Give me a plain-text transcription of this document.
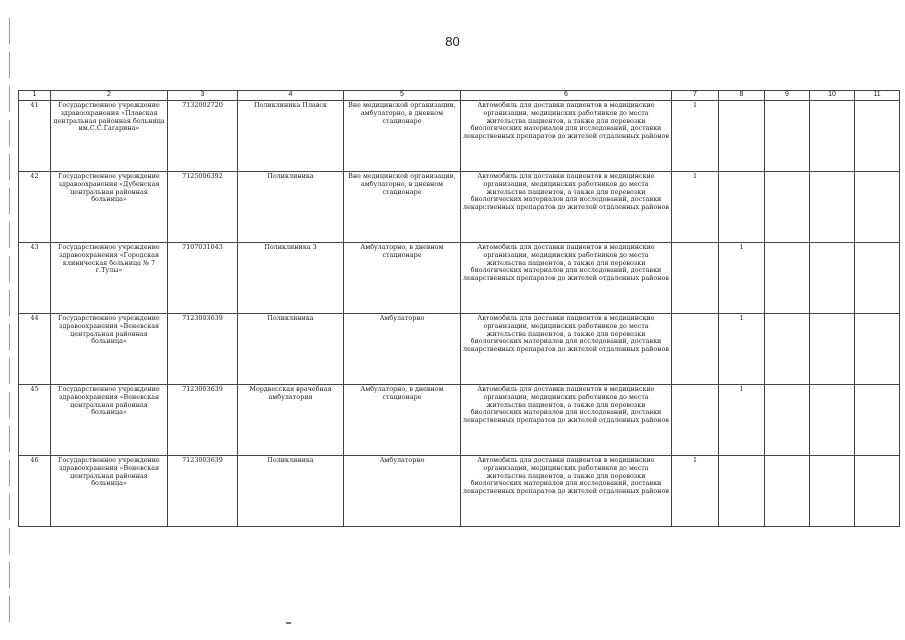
80
1	2	3	4	5	6	7	8	9	10	11
41	Государственное учреждение здравоохранения «Плавская центральная районная больница им.С.С.Гагарина»	7132002720	Поликлиника Плавск	Вне медицинской организации, амбулаторно, в дневном стационаре	Автомобиль для доставки пациентов в медицинские организации, медицинских работников до места жительства пациентов, а также для перевозки биологических материалов для исследований, доставки лекарственных препаратов до жителей отдаленных районов	1				
42	Государственное учреждение здравоохранения «Дубенская центральная районная больница»	7125006392	Поликлиника	Вне медицинской организации, амбулаторно, в дневном стационаре	Автомобиль для доставки пациентов в медицинские организации, медицинских работников до места жительства пациентов, а также для перевозки биологических материалов для исследований, доставки лекарственных препаратов до жителей отдаленных районов	1				
43	Государственное учреждение здравоохранения «Городская клиническая больница № 7 г.Тулы»	7107031043	Поликлиника 3	Амбулаторно, в дневном стационаре	Автомобиль для доставки пациентов в медицинские организации, медицинских работников до места жительства пациентов, а также для перевозки биологических материалов для исследований, доставки лекарственных препаратов до жителей отдаленных районов		1			
44	Государственное учреждение здравоохранения «Веневская центральная районная больница»	7123003639	Поликлиника	Амбулаторно	Автомобиль для доставки пациентов в медицинские организации, медицинских работников до места жительства пациентов, а также для перевозки биологических материалов для исследований, доставки лекарственных препаратов до жителей отдаленных районов		1			
45	Государственное учреждение здравоохранения «Веневская центральная районная больница»	7123003639	Мордвесская врачебная амбулатория	Амбулаторно, в дневном стационаре	Автомобиль для доставки пациентов в медицинские организации, медицинских работников до места жительства пациентов, а также для перевозки биологических материалов для исследований, доставки лекарственных препаратов до жителей отдаленных районов		1			
46	Государственное учреждение здравоохранения «Веневская центральная районная больница»	7123003639	Поликлиника	Амбулаторно	Автомобиль для доставки пациентов в медицинские организации, медицинских работников до места жительства пациентов, а также для перевозки биологических материалов для исследований, доставки лекарственных препаратов до жителей отдаленных районов	1				
